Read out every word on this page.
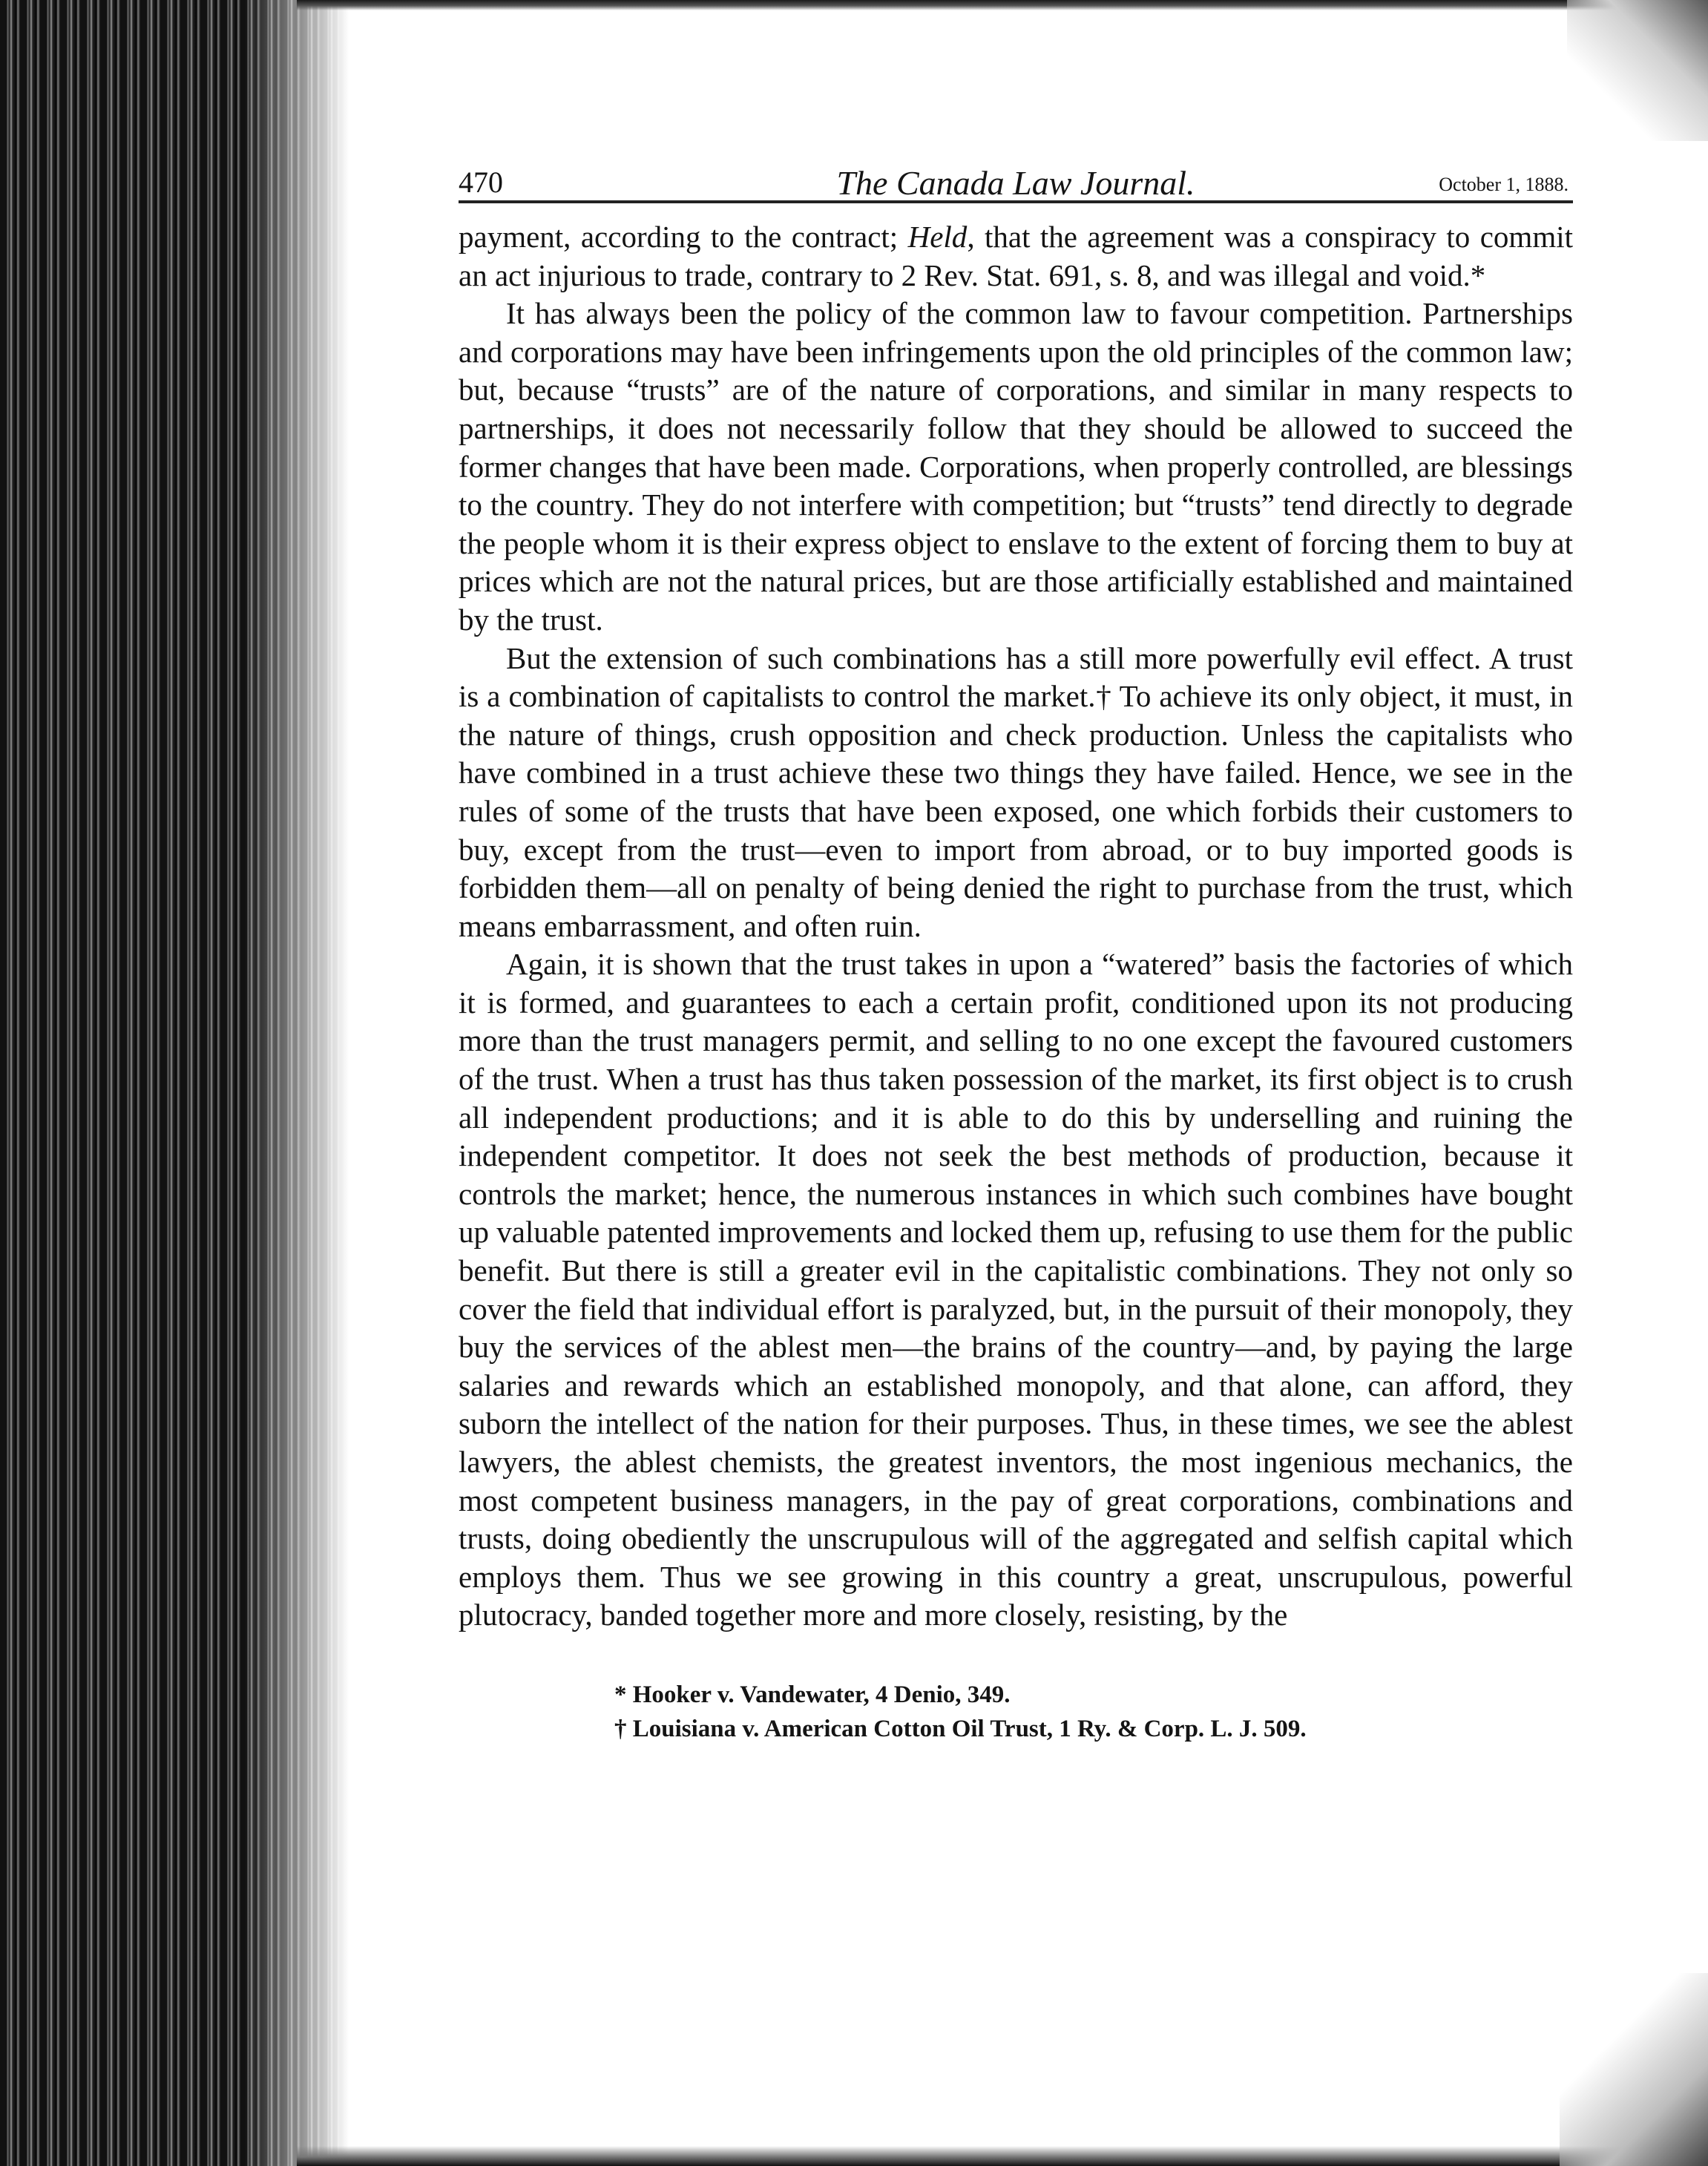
470	The Canada Law Journal.	October 1, 1888.

payment, according to the contract; Held, that the agreement was a conspiracy to commit an act injurious to trade, contrary to 2 Rev. Stat. 691, s. 8, and was illegal and void.*

It has always been the policy of the common law to favour competition. Partnerships and corporations may have been infringements upon the old principles of the common law; but, because “trusts” are of the nature of corporations, and similar in many respects to partnerships, it does not necessarily follow that they should be allowed to succeed the former changes that have been made. Corporations, when properly controlled, are blessings to the country. They do not interfere with competition; but “trusts” tend directly to degrade the people whom it is their express object to enslave to the extent of forcing them to buy at prices which are not the natural prices, but are those artificially established and maintained by the trust.

But the extension of such combinations has a still more powerfully evil effect. A trust is a combination of capitalists to control the market.† To achieve its only object, it must, in the nature of things, crush opposition and check production. Unless the capitalists who have combined in a trust achieve these two things they have failed. Hence, we see in the rules of some of the trusts that have been exposed, one which forbids their customers to buy, except from the trust—even to import from abroad, or to buy imported goods is forbidden them—all on penalty of being denied the right to purchase from the trust, which means embarrassment, and often ruin.

Again, it is shown that the trust takes in upon a “watered” basis the factories of which it is formed, and guarantees to each a certain profit, conditioned upon its not producing more than the trust managers permit, and selling to no one except the favoured customers of the trust. When a trust has thus taken possession of the market, its first object is to crush all independent productions; and it is able to do this by underselling and ruining the independent competitor. It does not seek the best methods of production, because it controls the market; hence, the numerous instances in which such combines have bought up valuable patented improvements and locked them up, refusing to use them for the public benefit. But there is still a greater evil in the capitalistic combinations. They not only so cover the field that individual effort is paralyzed, but, in the pursuit of their monopoly, they buy the services of the ablest men—the brains of the country—and, by paying the large salaries and rewards which an established monopoly, and that alone, can afford, they suborn the intellect of the nation for their purposes. Thus, in these times, we see the ablest lawyers, the ablest chemists, the greatest inventors, the most ingenious mechanics, the most competent business managers, in the pay of great corporations, combinations and trusts, doing obediently the unscrupulous will of the aggregated and selfish capital which employs them. Thus we see growing in this country a great, unscrupulous, powerful plutocracy, banded together more and more closely, resisting, by the

* Hooker v. Vandewater, 4 Denio, 349.

† Louisiana v. American Cotton Oil Trust, 1 Ry. & Corp. L. J. 509.
